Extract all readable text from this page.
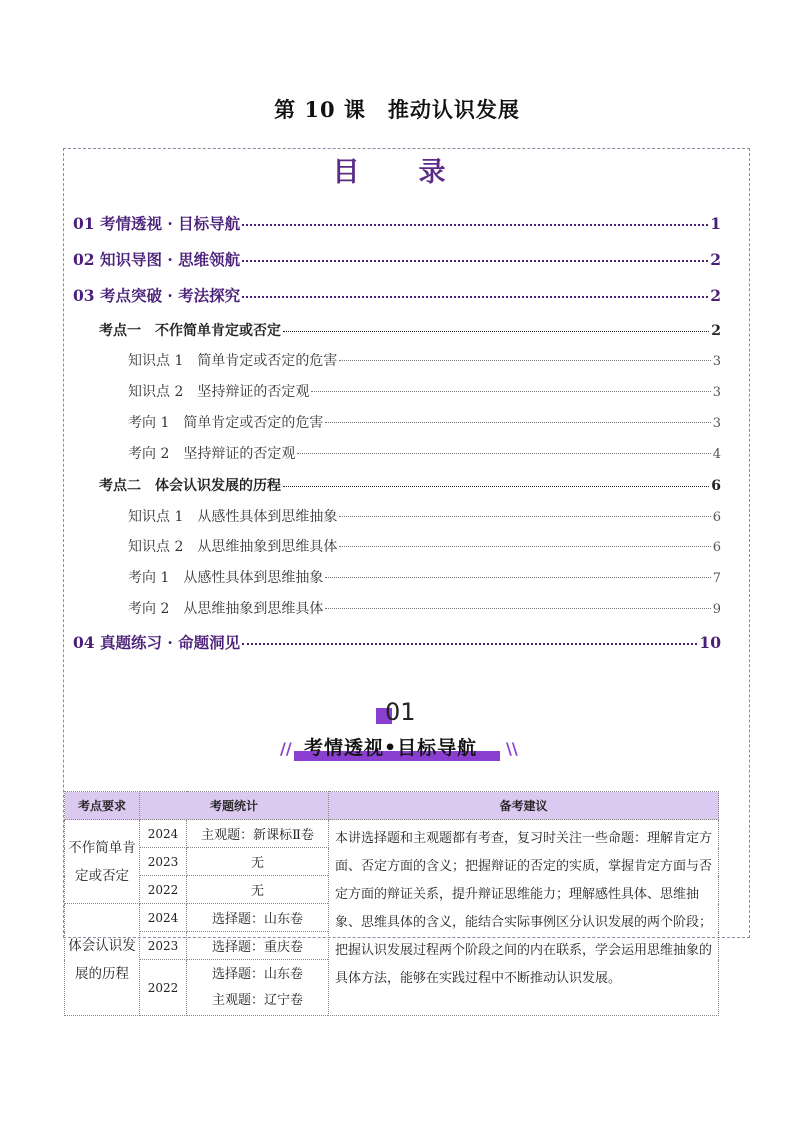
第 10 课　推动认识发展
目　录
01 考情透视 · 目标导航	1
02 知识导图 · 思维领航	2
03 考点突破 · 考法探究	2
考点一　不作简单肯定或否定	2
知识点 1　简单肯定或否定的危害	3
知识点 2　坚持辩证的否定观	3
考向 1　简单肯定或否定的危害	3
考向 2　坚持辩证的否定观	4
考点二　体会认识发展的历程	6
知识点 1　从感性具体到思维抽象	6
知识点 2　从思维抽象到思维具体	6
考向 1　从感性具体到思维抽象	7
考向 2　从思维抽象到思维具体	9
04 真题练习 · 命题洞见	10
01
// 考情透视•目标导航 \\
考点要求	考题统计		备考建议
不作简单肯定或否定	2024	主观题：新课标Ⅱ卷	本讲选择题和主观题都有考查，复习时关注一些命题：理解肯定方面、否定方面的含义；把握辩证的否定的实质，掌握肯定方面与否定方面的辩证关系，提升辩证思维能力；理解感性具体、思维抽象、思维具体的含义，能结合实际事例区分认识发展的两个阶段；把握认识发展过程两个阶段之间的内在联系，学会运用思维抽象的具体方法，能够在实践过程中不断推动认识发展。
	2023	无	
	2022	无	
体会认识发展的历程	2024	选择题：山东卷	
	2023	选择题：重庆卷	
	2022	选择题：山东卷
主观题：辽宁卷	
